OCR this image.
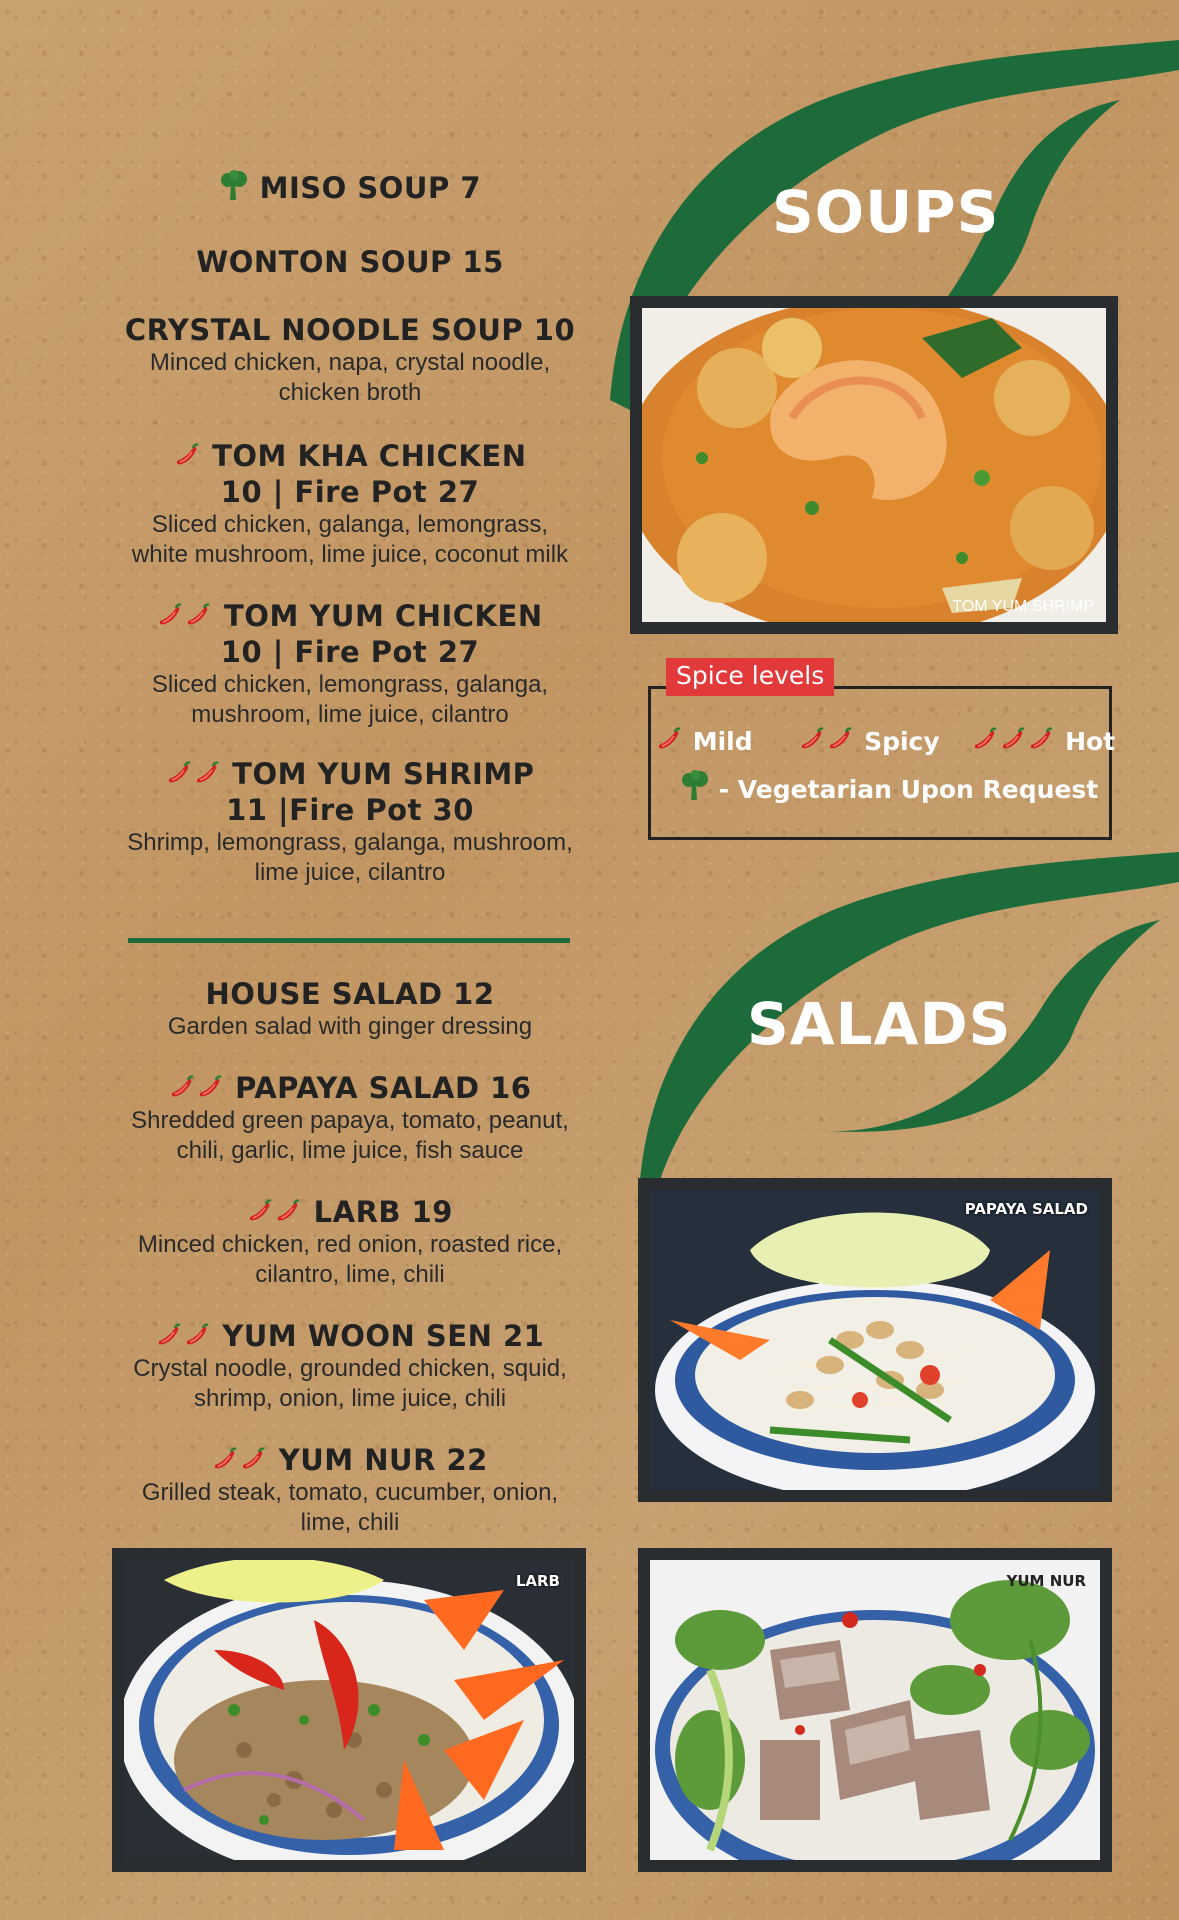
SOUPS
SALADS
MISO SOUP 7
WONTON SOUP 15
CRYSTAL NOODLE SOUP 10
Minced chicken, napa, crystal noodle,
chicken broth
TOM KHA CHICKEN
10 | Fire Pot 27
Sliced chicken, galanga, lemongrass,
white mushroom, lime juice, coconut milk
TOM YUM CHICKEN
10 | Fire Pot 27
Sliced chicken, lemongrass, galanga,
mushroom, lime juice, cilantro
TOM YUM SHRIMP
11 |Fire Pot 30
Shrimp, lemongrass, galanga, mushroom,
lime juice, cilantro
HOUSE SALAD 12
Garden salad with ginger dressing
PAPAYA SALAD 16
Shredded green papaya, tomato, peanut,
chili, garlic, lime juice, fish sauce
LARB 19
Minced chicken, red onion, roasted rice,
cilantro, lime, chili
YUM WOON SEN 21
Crystal noodle, grounded chicken, squid,
shrimp, onion, lime juice, chili
YUM NUR 22
Grilled steak, tomato, cucumber, onion,
lime, chili
TOM YUM SHRIMP
Spice levels
Mild	Spicy	Hot
- Vegetarian Upon Request
PAPAYA SALAD
LARB	YUM NUR
